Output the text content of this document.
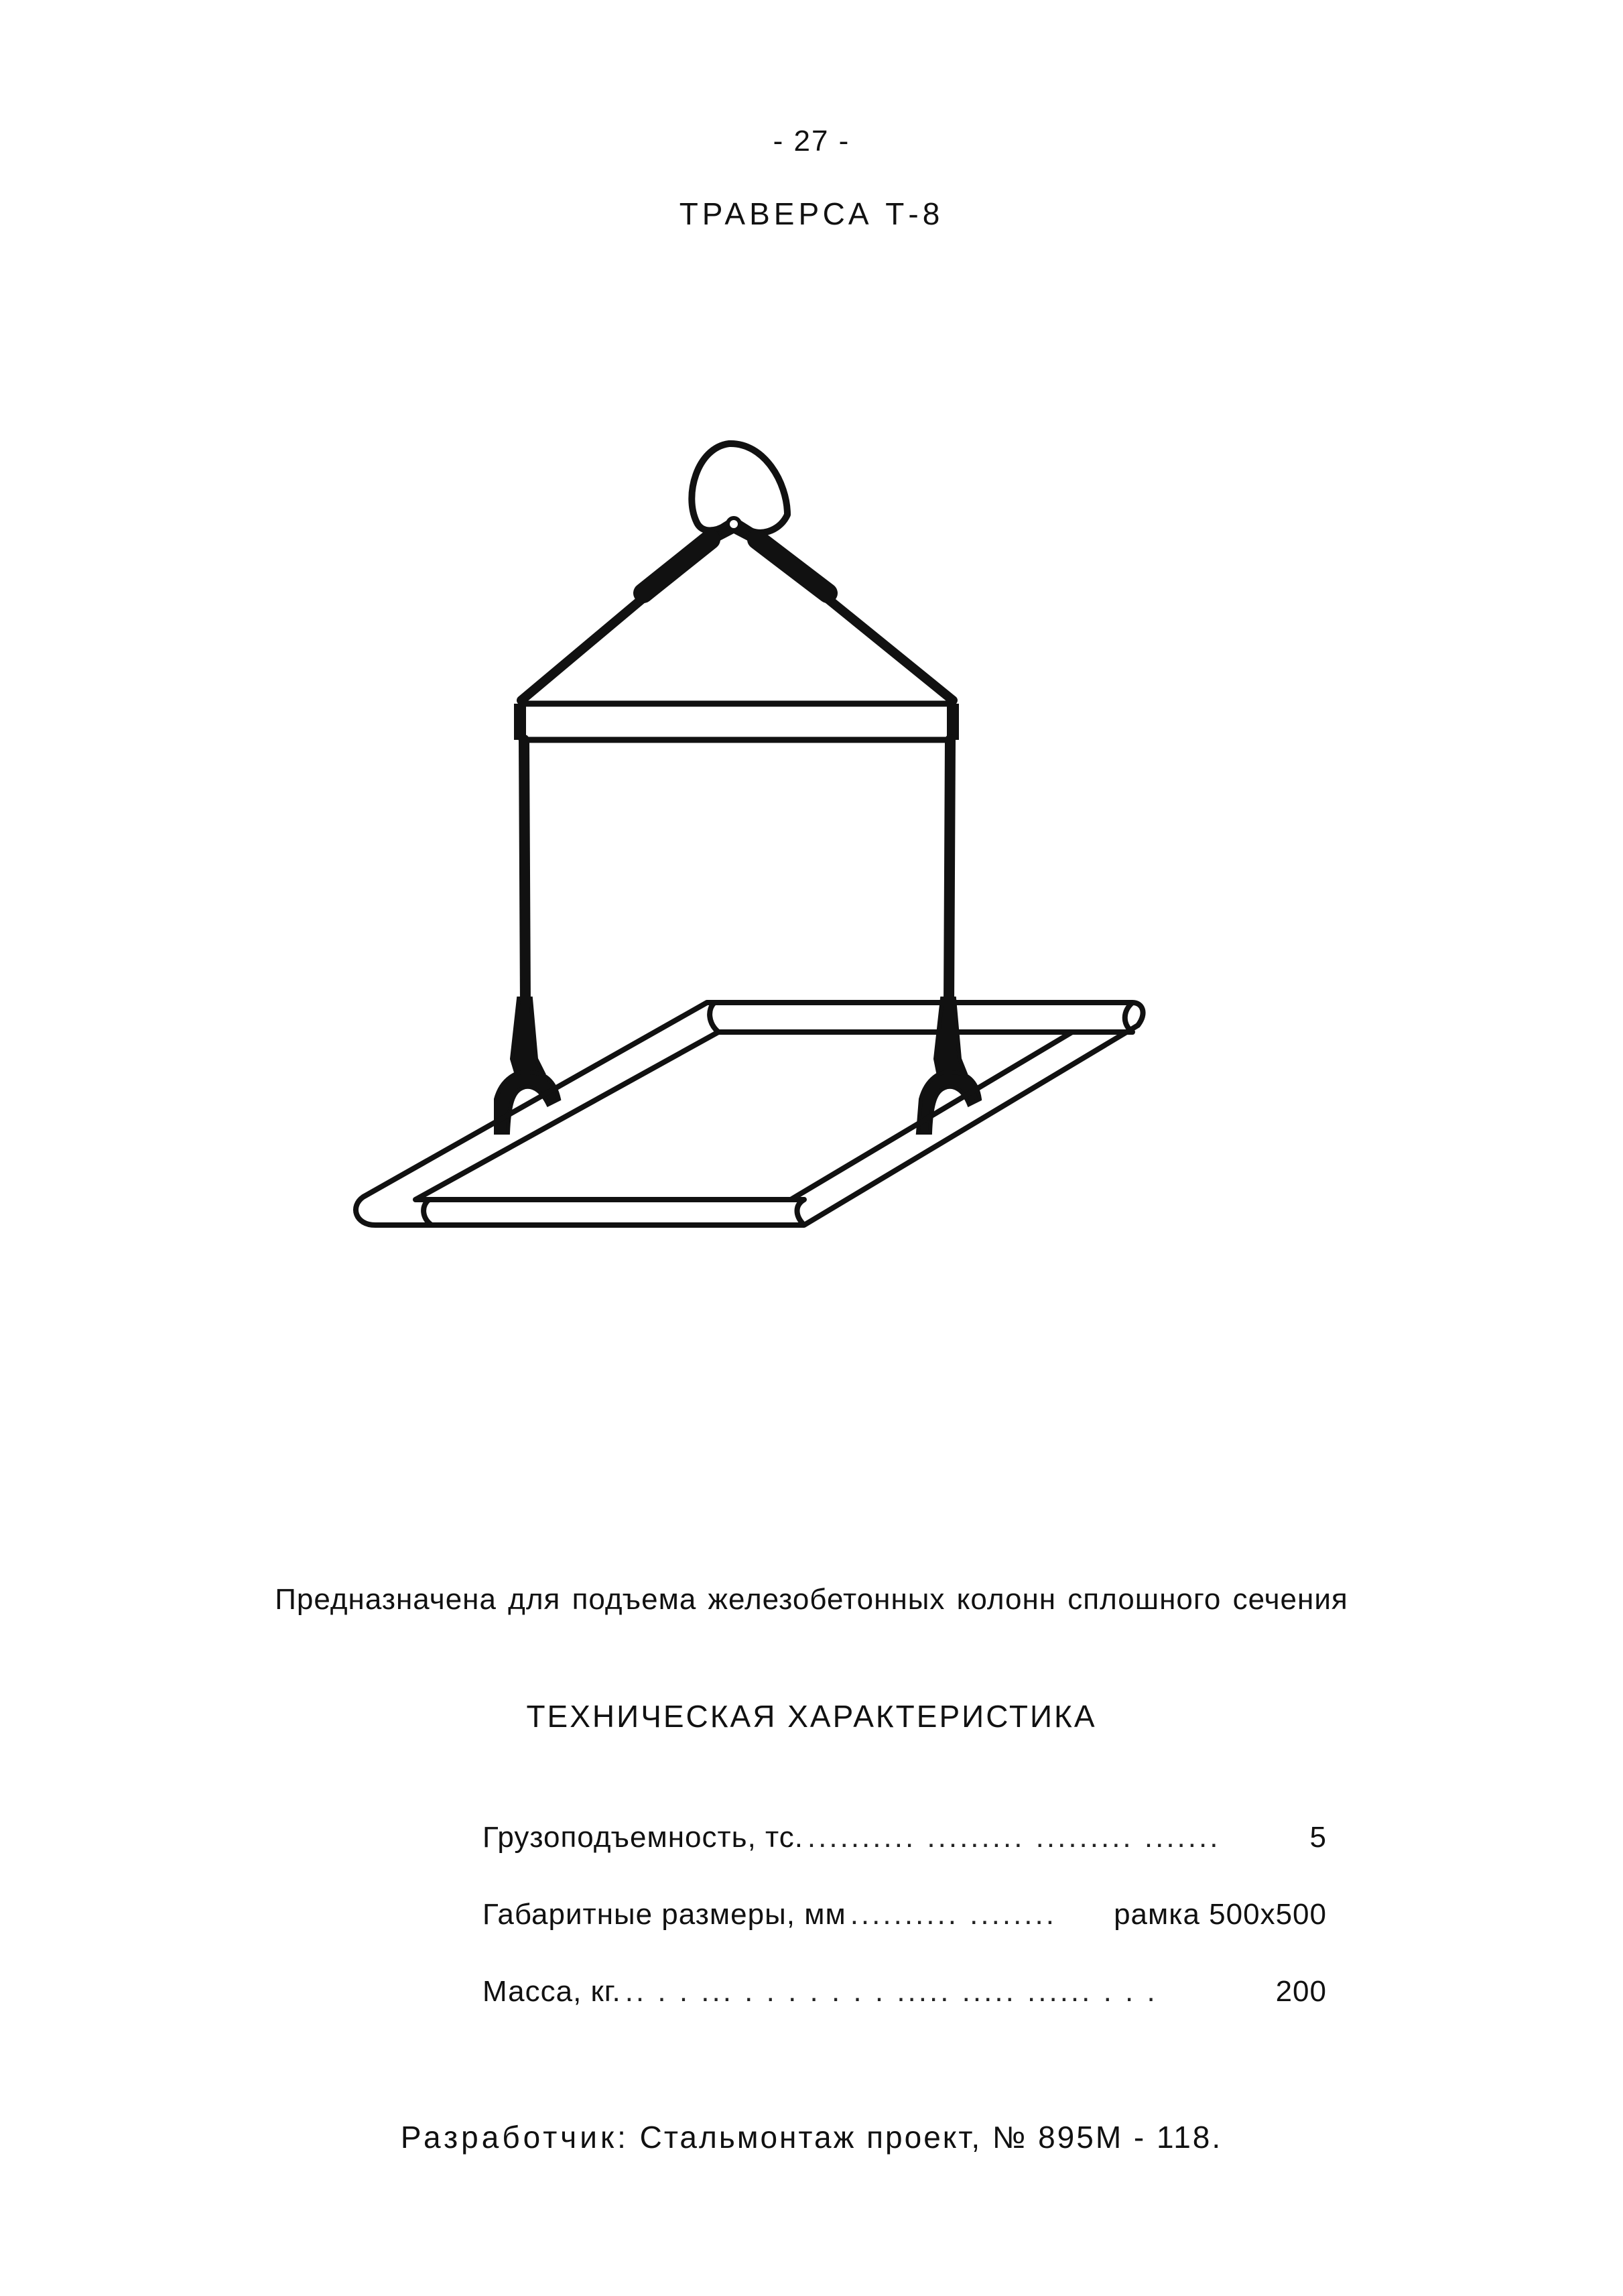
- 27 -
ТРАВЕРСА Т-8
Предназначена для подъема железобетонных колонн сплошного сечения
ТЕХНИЧЕСКАЯ ХАРАКТЕРИСТИКА
Грузоподъемность, тс. .......... ......... ......... .......	5
Габаритные размеры, мм .......... ........	рамка 500х500
Масса, кг. .. . . ... . . . . . . . ..... ..... ...... . . .	200
Разработчик: Стальмонтаж проект, № 895М - 118.
